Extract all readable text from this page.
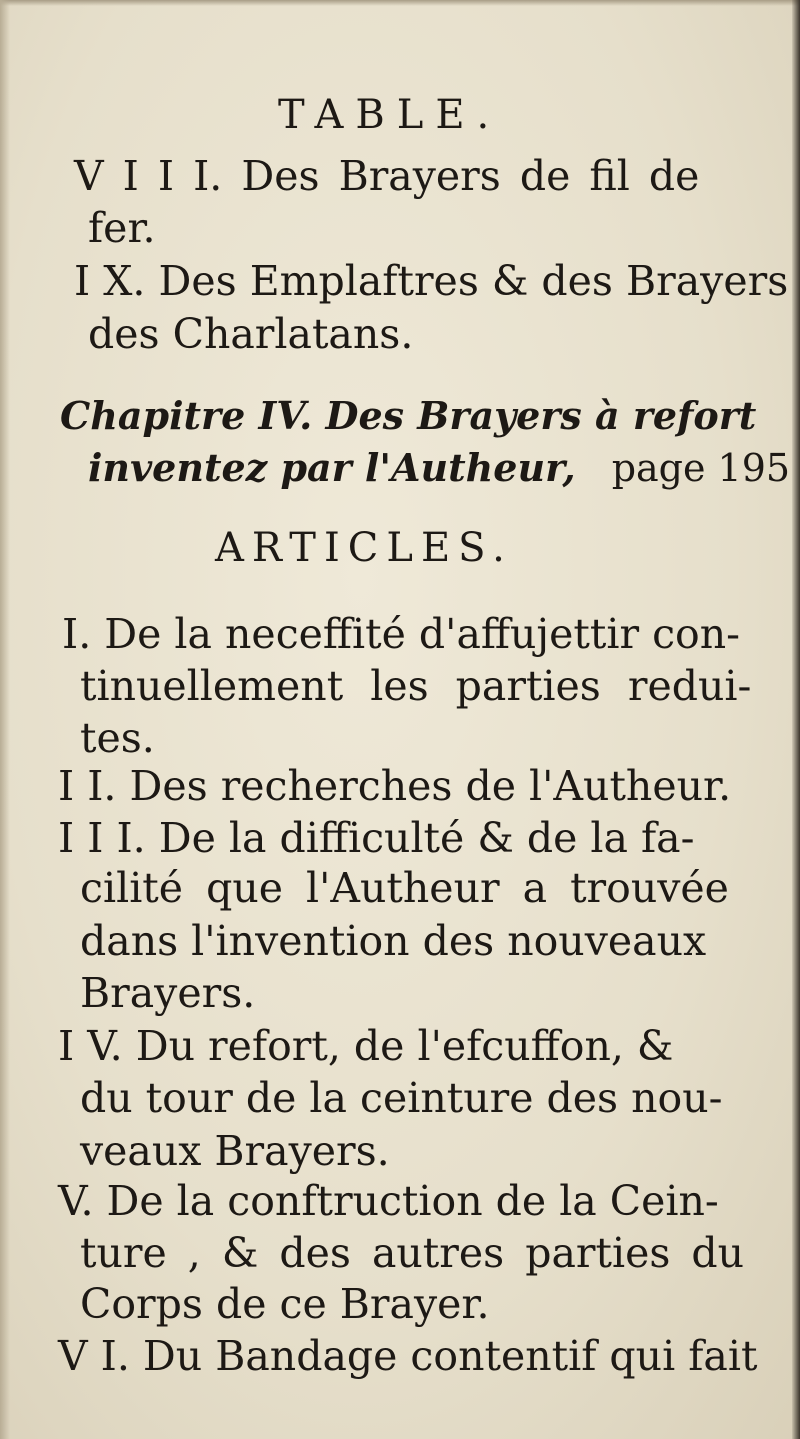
TABLE.
V I I I. Des Brayers de fil de
fer.
I X. Des Emplaftres & des Brayers
des Charlatans.
Chapitre IV. Des Brayers à refort
inventez par l'Autheur, page 195
ARTICLES.
I. De la neceffité d'affujettir con-
tinuellement les parties redui-
tes.
I I. Des recherches de l'Autheur.
I I I. De la difficulté & de la fa-
cilité que l'Autheur a trouvée
dans l'invention des nouveaux
Brayers.
I V. Du refort, de l'efcuffon, &
du tour de la ceinture des nou-
veaux Brayers.
V. De la conftruction de la Cein-
ture , & des autres parties du
Corps de ce Brayer.
V I. Du Bandage contentif qui fait
